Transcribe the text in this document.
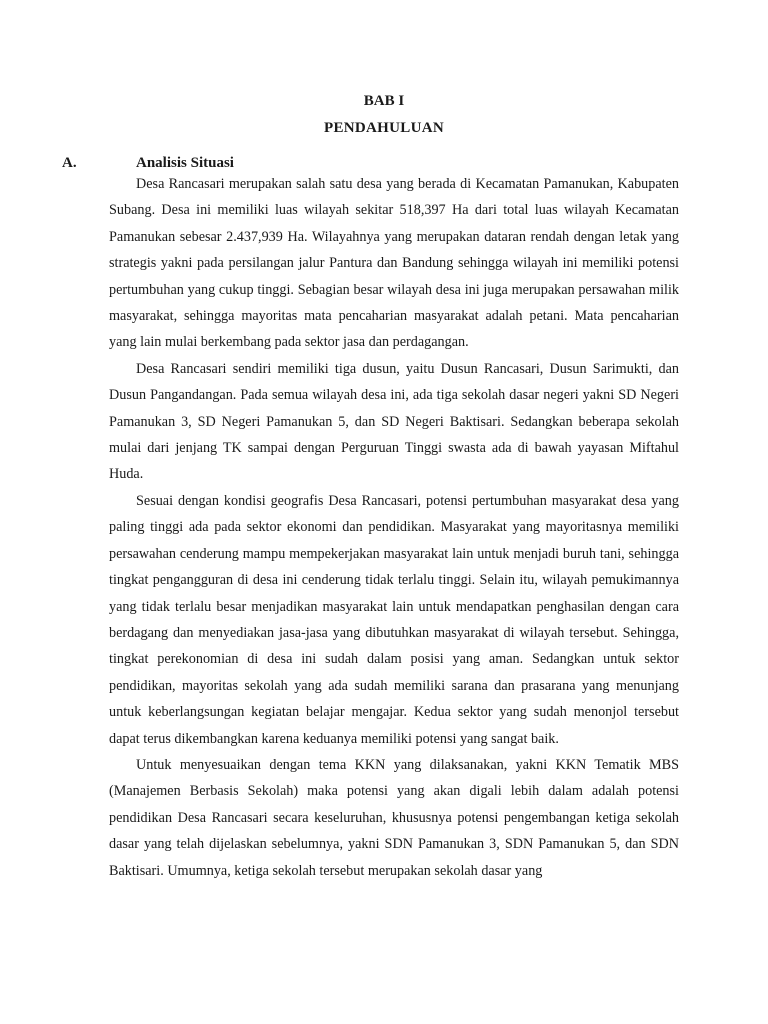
BAB I
PENDAHULUAN
A.	Analisis Situasi

Desa Rancasari merupakan salah satu desa yang berada di Kecamatan Pamanukan, Kabupaten Subang. Desa ini memiliki luas wilayah sekitar 518,397 Ha dari total luas wilayah Kecamatan Pamanukan sebesar 2.437,939 Ha. Wilayahnya yang merupakan dataran rendah dengan letak yang strategis yakni pada persilangan jalur Pantura dan Bandung sehingga wilayah ini memiliki potensi pertumbuhan yang cukup tinggi. Sebagian besar wilayah desa ini juga merupakan persawahan milik masyarakat, sehingga mayoritas mata pencaharian masyarakat adalah petani. Mata pencaharian yang lain mulai berkembang pada sektor jasa dan perdagangan.

Desa Rancasari sendiri memiliki tiga dusun, yaitu Dusun Rancasari, Dusun Sarimukti, dan Dusun Pangandangan. Pada semua wilayah desa ini, ada tiga sekolah dasar negeri yakni SD Negeri Pamanukan 3, SD Negeri Pamanukan 5, dan SD Negeri Baktisari. Sedangkan beberapa sekolah mulai dari jenjang TK sampai dengan Perguruan Tinggi swasta ada di bawah yayasan Miftahul Huda.

Sesuai dengan kondisi geografis Desa Rancasari, potensi pertumbuhan masyarakat desa yang paling tinggi ada pada sektor ekonomi dan pendidikan. Masyarakat yang mayoritasnya memiliki persawahan cenderung mampu mempekerjakan masyarakat lain untuk menjadi buruh tani, sehingga tingkat pengangguran di desa ini cenderung tidak terlalu tinggi. Selain itu, wilayah pemukimannya yang tidak terlalu besar menjadikan masyarakat lain untuk mendapatkan penghasilan dengan cara berdagang dan menyediakan jasa-jasa yang dibutuhkan masyarakat di wilayah tersebut. Sehingga, tingkat perekonomian di desa ini sudah dalam posisi yang aman. Sedangkan untuk sektor pendidikan, mayoritas sekolah yang ada sudah memiliki sarana dan prasarana yang menunjang untuk keberlangsungan kegiatan belajar mengajar. Kedua sektor yang sudah menonjol tersebut dapat terus dikembangkan karena keduanya memiliki potensi yang sangat baik.

Untuk menyesuaikan dengan tema KKN yang dilaksanakan, yakni KKN Tematik MBS (Manajemen Berbasis Sekolah) maka potensi yang akan digali lebih dalam adalah potensi pendidikan Desa Rancasari secara keseluruhan, khususnya potensi pengembangan ketiga sekolah dasar yang telah dijelaskan sebelumnya, yakni SDN Pamanukan 3, SDN Pamanukan 5, dan SDN Baktisari. Umumnya, ketiga sekolah tersebut merupakan sekolah dasar yang
